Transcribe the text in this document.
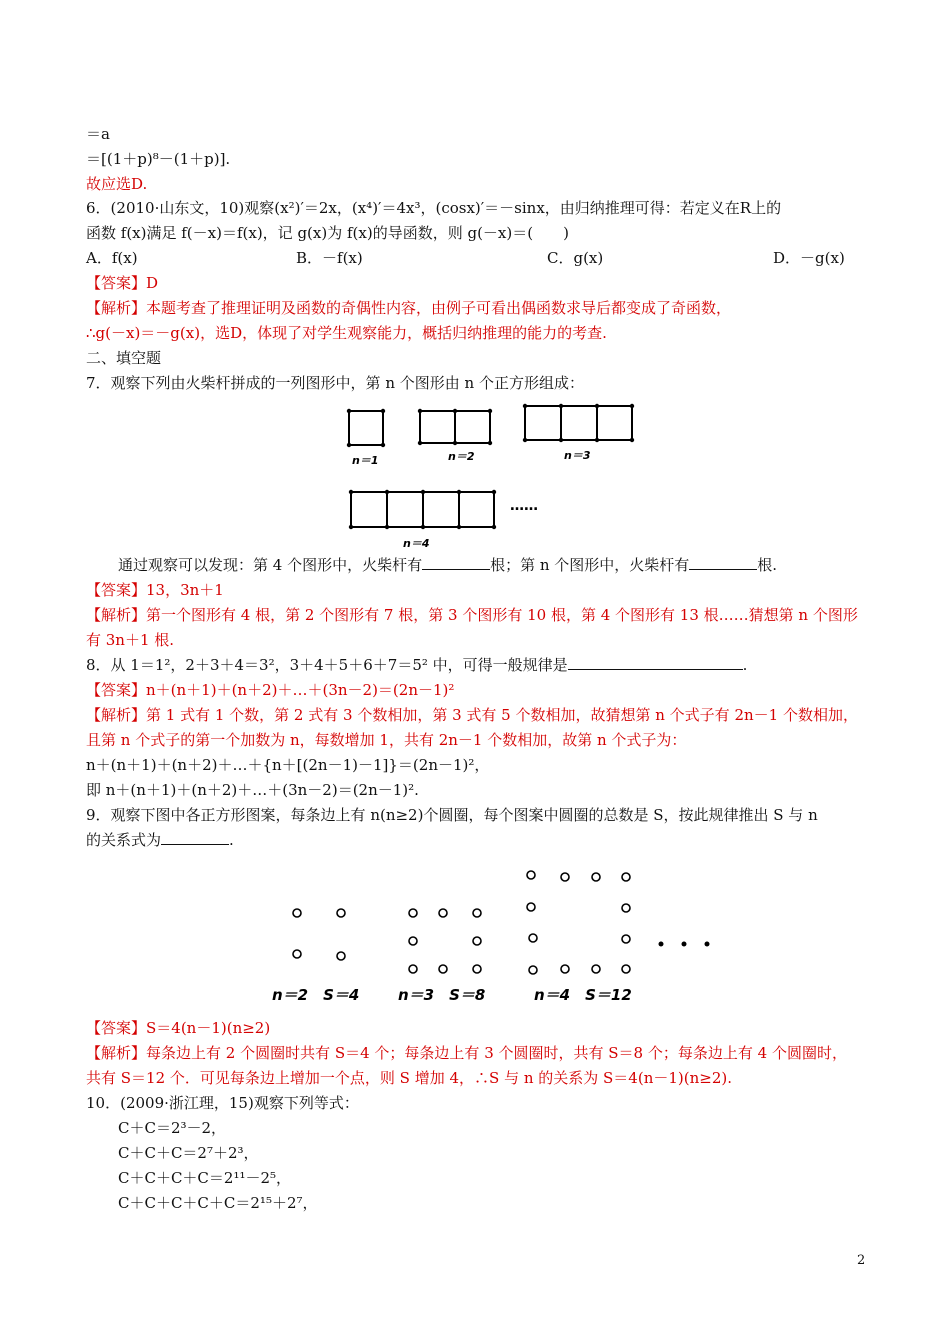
＝a
＝[(1＋p)⁸－(1＋p)].
故应选D.
6．(2010·山东文，10)观察(x²)′＝2x，(x⁴)′＝4x³，(cosx)′＝－sinx，由归纳推理可得：若定义在R上的
函数 f(x)满足 f(－x)＝f(x)，记 g(x)为 f(x)的导函数，则 g(－x)＝(　　)
A．f(x)	B．－f(x)	C．g(x)	D．－g(x)
【答案】D
【解析】本题考查了推理证明及函数的奇偶性内容，由例子可看出偶函数求导后都变成了奇函数，
∴g(－x)＝－g(x)，选D，体现了对学生观察能力，概括归纳推理的能力的考查.
二、填空题
7．观察下列由火柴杆拼成的一列图形中，第 n 个图形由 n 个正方形组成：
n＝1	n＝2
n＝4
……
n＝3
通过观察可以发现：第 4 个图形中，火柴杆有	根；第 n 个图形中，火柴杆有	根.
【答案】13，3n＋1
【解析】第一个图形有 4 根，第 2 个图形有 7 根，第 3 个图形有 10 根，第 4 个图形有 13 根……猜想第 n 个图形
有 3n＋1 根.
8．从 1＝1²，2＋3＋4＝3²，3＋4＋5＋6＋7＝5² 中，可得一般规律是	.
【答案】n＋(n＋1)＋(n＋2)＋…＋(3n－2)＝(2n－1)²
【解析】第 1 式有 1 个数，第 2 式有 3 个数相加，第 3 式有 5 个数相加，故猜想第 n 个式子有 2n－1 个数相加，
且第 n 个式子的第一个加数为 n，每数增加 1，共有 2n－1 个数相加，故第 n 个式子为：
n＋(n＋1)＋(n＋2)＋…＋{n＋[(2n－1)－1]}＝(2n－1)²，
即 n＋(n＋1)＋(n＋2)＋…＋(3n－2)＝(2n－1)².
9．观察下图中各正方形图案，每条边上有 n(n≥2)个圆圈，每个图案中圆圈的总数是 S，按此规律推出 S 与 n
的关系式为	.
n＝2　S＝4	n＝3　S＝8	n＝4　S＝12
【答案】S＝4(n－1)(n≥2)
【解析】每条边上有 2 个圆圈时共有 S＝4 个；每条边上有 3 个圆圈时，共有 S＝8 个；每条边上有 4 个圆圈时，
共有 S＝12 个．可见每条边上增加一个点，则 S 增加 4，∴S 与 n 的关系为 S＝4(n－1)(n≥2).
10．(2009·浙江理，15)观察下列等式：
C＋C＝2³－2，
C＋C＋C＝2⁷＋2³，
C＋C＋C＋C＝2¹¹－2⁵，
C＋C＋C＋C＋C＝2¹⁵＋2⁷，
2
